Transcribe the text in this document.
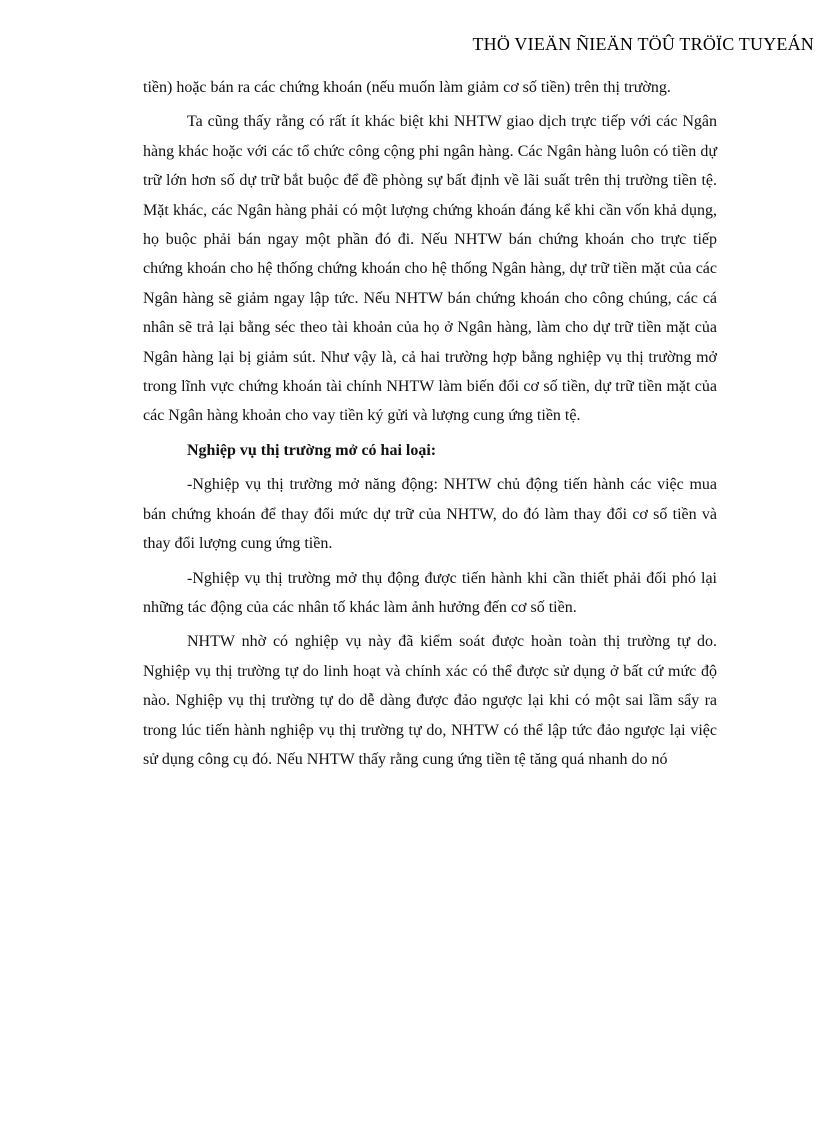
THÖ VIEÄN ÑIEÄN TÖÛ TRÖÏC TUYEÁN

tiền) hoặc bán ra các chứng khoán (nếu muốn làm giảm cơ số tiền) trên thị trường.

Ta cũng thấy rằng có rất ít khác biệt khi NHTW giao dịch trực tiếp với các Ngân hàng khác hoặc với các tổ chức công cộng phi ngân hàng. Các Ngân hàng luôn có tiền dự trữ lớn hơn số dự trữ bắt buộc để đề phòng sự bất định về lãi suất trên thị trường tiền tệ. Mặt khác, các Ngân hàng phải có một lượng chứng khoán đáng kể khi cần vốn khả dụng, họ buộc phải bán ngay một phần đó đi. Nếu NHTW bán chứng khoán cho trực tiếp chứng khoán cho hệ thống chứng khoán cho hệ thống Ngân hàng, dự trữ tiền mặt của các Ngân hàng sẽ giảm ngay lập tức. Nếu NHTW bán chứng khoán cho công chúng, các cá nhân sẽ trả lại bằng séc theo tài khoản của họ ở Ngân hàng, làm cho dự trữ tiền mặt của Ngân hàng lại bị giảm sút. Như vậy là, cả hai trường hợp bằng nghiệp vụ thị trường mở trong lĩnh vực chứng khoán tài chính NHTW làm biến đổi cơ số tiền, dự trữ tiền mặt của các Ngân hàng khoản cho vay tiền ký gửi và lượng cung ứng tiền tệ.

Nghiệp vụ thị trường mở có hai loại:

-Nghiệp vụ thị trường mở năng động: NHTW chủ động tiến hành các việc mua bán chứng khoán để thay đổi mức dự trữ của NHTW, do đó làm thay đổi cơ số tiền và thay đổi lượng cung ứng tiền.

-Nghiệp vụ thị trường mở thụ động được tiến hành khi cần thiết phải đối phó lại những tác động của các nhân tố khác làm ảnh hưởng đến cơ số tiền.

NHTW nhờ có nghiệp vụ này đã kiểm soát được hoàn toàn thị trường tự do. Nghiệp vụ thị trường tự do linh hoạt và chính xác có thể được sử dụng ở bất cứ mức độ nào. Nghiệp vụ thị trường tự do dễ dàng được đảo ngược lại khi có một sai lầm sẩy ra trong lúc tiến hành nghiệp vụ thị trường tự do, NHTW có thể lập tức đảo ngược lại việc sử dụng công cụ đó. Nếu NHTW thấy rằng cung ứng tiền tệ tăng quá nhanh do nó
